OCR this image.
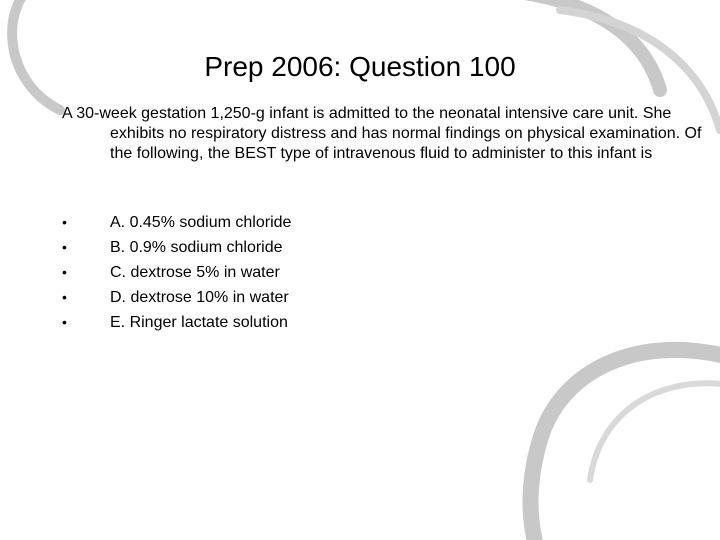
Prep 2006: Question 100

A 30-week gestation 1,250-g infant is admitted to the neonatal intensive care unit. She exhibits no respiratory distress and has normal findings on physical examination. Of the following, the BEST type of intravenous fluid to administer to this infant is

•	A. 0.45% sodium chloride
•	B. 0.9% sodium chloride
•	C. dextrose 5% in water
•	D. dextrose 10% in water
•	E. Ringer lactate solution
